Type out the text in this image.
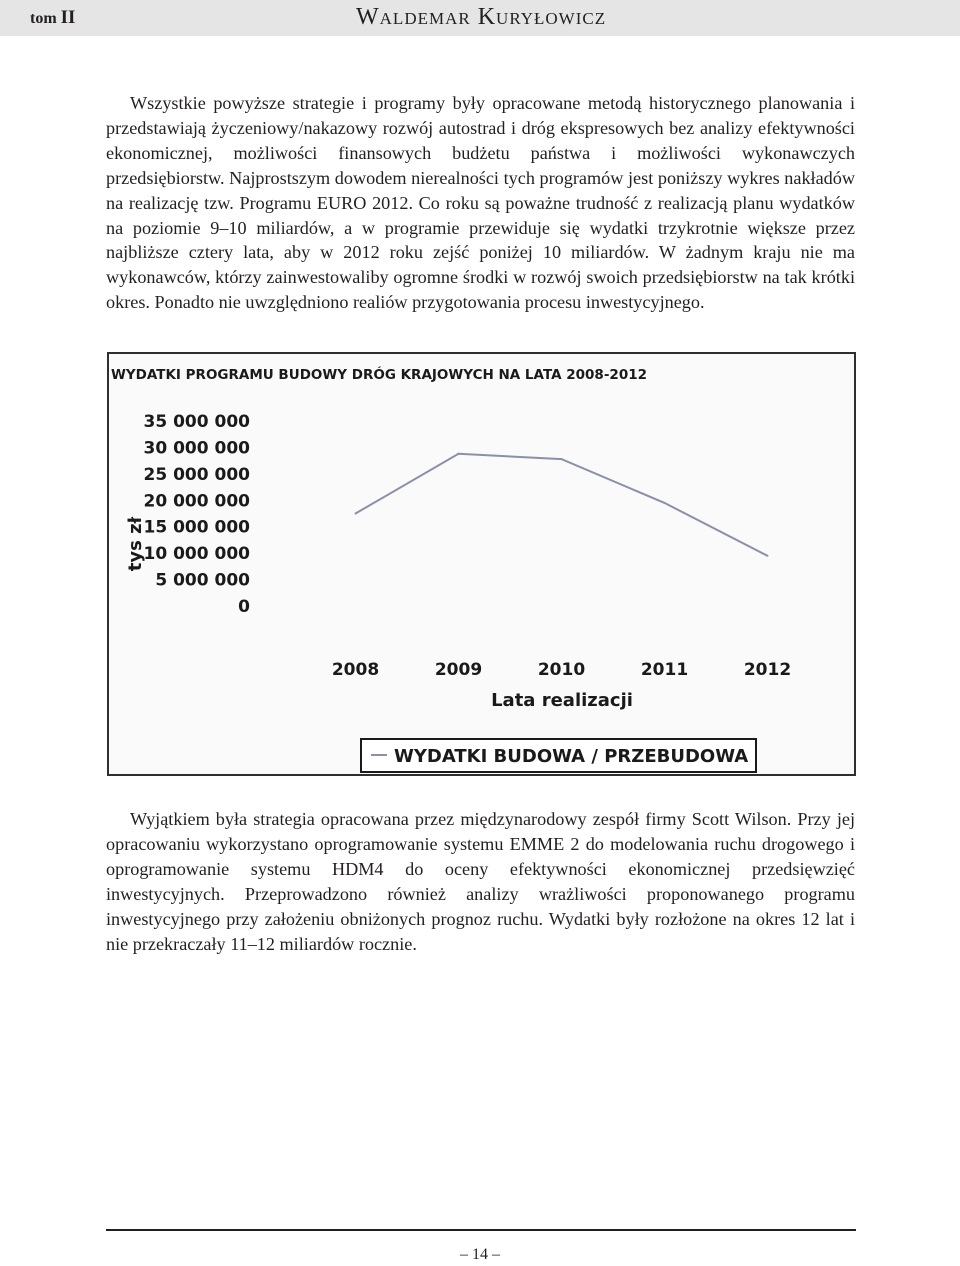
tom II	Waldemar Kuryłowicz

Wszystkie powyższe strategie i programy były opracowane metodą historycznego planowania i przedstawiają życzeniowy/nakazowy rozwój autostrad i dróg ekspresowych bez analizy efektywności ekonomicznej, możliwości finansowych budżetu państwa i możliwości wykonawczych przedsiębiorstw. Najprostszym dowodem nierealności tych programów jest poniższy wykres nakładów na realizację tzw. Programu EURO 2012. Co roku są poważne trudność z realizacją planu wydatków na poziomie 9–10 miliardów, a w programie przewiduje się wydatki trzykrotnie większe przez najbliższe cztery lata, aby w 2012 roku zejść poniżej 10 miliardów. W żadnym kraju nie ma wykonawców, którzy zainwestowaliby ogromne środki w rozwój swoich przedsiębiorstw na tak krótki okres. Ponadto nie uwzględniono realiów przygotowania procesu inwestycyjnego.

WYDATKI PROGRAMU BUDOWY DRÓG KRAJOWYCH NA LATA 2008-2012
0
5 000 000
10 000 000
15 000 000
20 000 000
25 000 000
30 000 000
35 000 000
2008	2009	2010	2011	2012
tys zł
Lata realizacji
WYDATKI BUDOWA / PRZEBUDOWA

Wyjątkiem była strategia opracowana przez międzynarodowy zespół firmy Scott Wilson. Przy jej opracowaniu wykorzystano oprogramowanie systemu EMME 2 do modelowania ruchu drogowego i oprogramowanie systemu HDM4 do oceny efektywności ekonomicznej przedsięwzięć inwestycyjnych. Przeprowadzono również analizy wrażliwości proponowanego programu inwestycyjnego przy założeniu obniżonych prognoz ruchu. Wydatki były rozłożone na okres 12 lat i nie przekraczały 11–12 miliardów rocznie.

– 14 –
